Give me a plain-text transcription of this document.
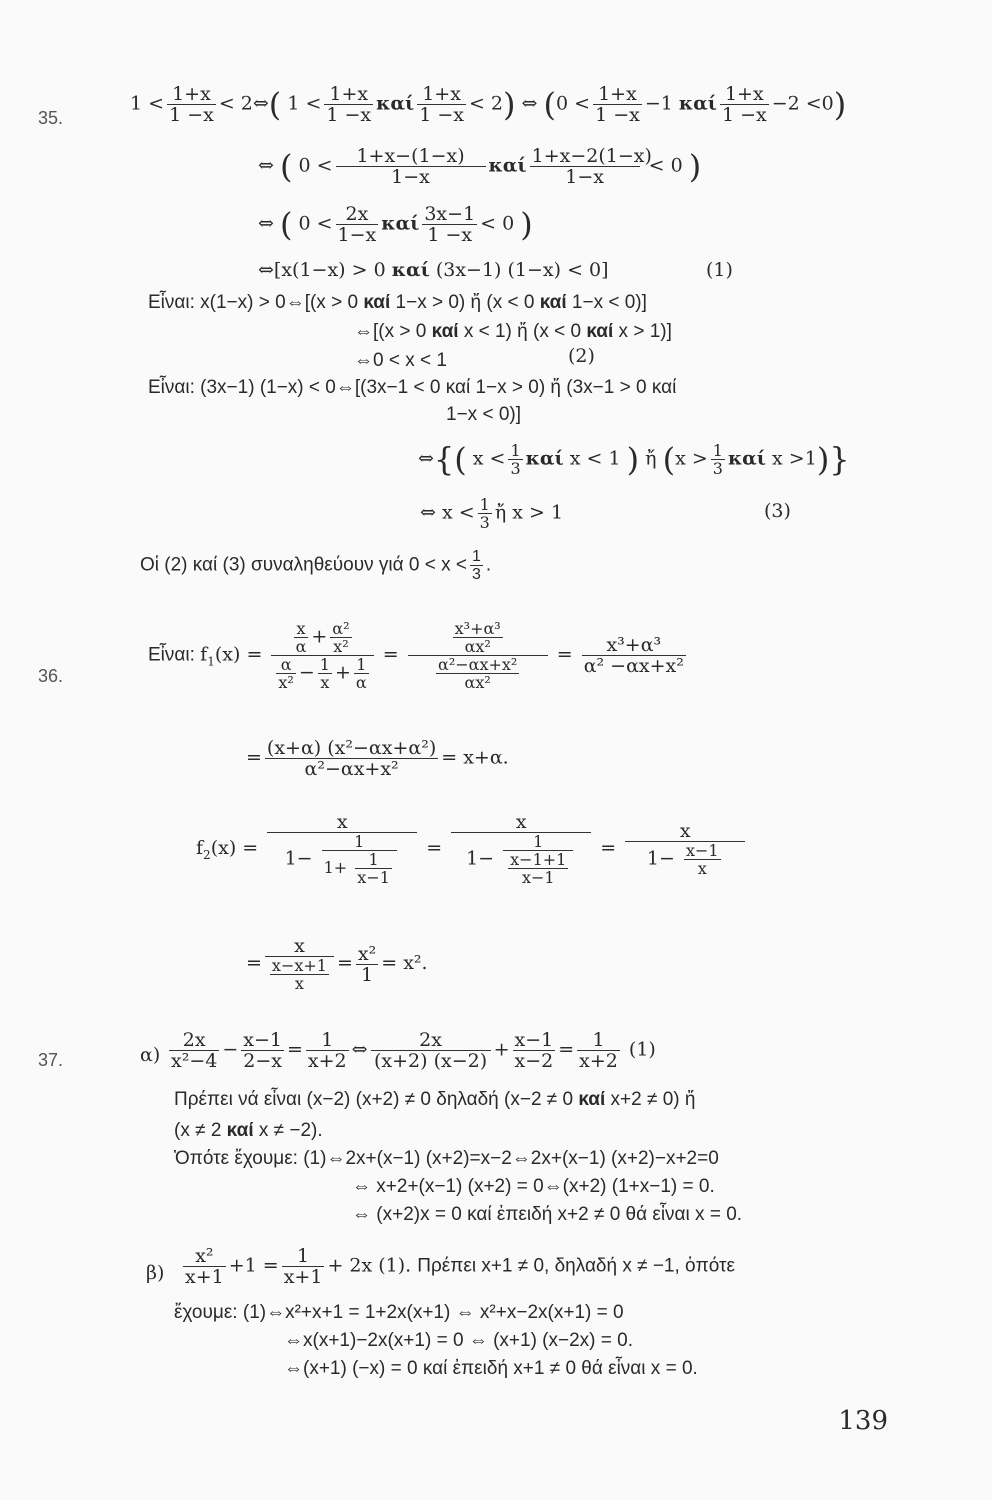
35.
$1 < \frac{1+x}{1 -x}$ < 2⇔( $1 < \frac{1+x}{1 -x}$ καί $\frac{1+x}{1 -x} < 2$) ⇔ ($0 < \frac{1+x}{1 -x} -1$ καί $\frac{1+x}{1 -x} -2 <0$)
⇔ ( $0 < \frac{1+x-(1-x)}{1-x}$ καί $\frac{1+x-2(1-x)}{1-x} < 0$ )
⇔ ( $0 < \frac{2x}{1-x}$ καί $\frac{3x-1}{1 -x} < 0$ )
⇔[x(1−x) > 0 καί (3x−1) (1−x) < 0]	(1)
Εἶναι: x(1−x) > 0⇔[(x > 0 καί 1−x > 0) ἤ (x < 0 καί 1−x < 0)]
⇔[(x > 0 καί x < 1) ἤ (x < 0 καί x > 1)]
⇔0 < x < 1	(2)
Εἶναι: (3x−1) (1−x) < 0⇔[(3x−1 < 0 καί 1−x > 0) ἤ (3x−1 > 0 καί
1−x < 0)]
⇔{( $x < \frac{1}{3}$ καί x < 1 ) ἤ ($x > \frac{1}{3}$ καί x >1)}
⇔ $x < \frac{1}{3}$ ἤ x > 1	(3)
Οἱ (2) καί (3) συναληθεύουν γιά $0 < x < \frac{1}{3}$ .
36.
Εἶναι: $f_1(x) = \frac{\frac{x}{\alpha} + \frac{\text{α²}}{\text{x²}}}{\frac{\alpha}{\text{x²}} - \frac{1}{x} + \frac{1}{\alpha}} = \frac{\frac{\text{x³+α³}}{\text{αx²}}}{\frac{\text{α²−αx+x²}}{\text{αx²}}} = \frac{\text{x³+α³}}{\text{α² −αx+x²}}$
= $\frac{\text{(x+α) (x²−αx+α²)}}{\text{α²−αx+x²}} = x+\alpha$.
$f_2(x) = \frac{x}{1- \frac{1}{1+ \frac{1}{x-1}}} = \frac{x}{1- \frac{1}{\frac{x-1+1}{x-1}}} = \frac{x}{1- \frac{x-1}{x}}$
= $\frac{x}{\frac{x-x+1}{x}} = \frac{\text{x²}}{1} = x^2$.
37.	$\alpha) \frac{2x}{\text{x²−4}} - \frac{x-1}{2-x} = \frac{1}{x+2}$ ⇔ $\frac{2x}{(x+2) (x-2)} + \frac{x-1}{x-2} = \frac{1}{x+2} (1)$
Πρέπει νά εἶναι (x−2) (x+2) ≠ 0 δηλαδή (x−2 ≠ 0 καί x+2 ≠ 0) ἤ
(x ≠ 2 καί x ≠ −2).
Ὁπότε ἔχουμε: (1)⇔2x+(x−1) (x+2)=x−2⇔2x+(x−1) (x+2)−x+2=0
⇔ x+2+(x−1) (x+2) = 0⇔(x+2) (1+x−1) = 0.
⇔ (x+2)x = 0 καί ἐπειδή x+2 ≠ 0 θά εἶναι x = 0.
$\beta) \frac{\text{x²}}{x+1} +1 = \frac{1}{x+1} + 2x$ (1). Πρέπει x+1 ≠ 0, δηλαδή x ≠ −1, ὁπότε
ἔχουμε: (1)⇔x²+x+1 = 1+2x(x+1) ⇔ x²+x−2x(x+1) = 0
⇔x(x+1)−2x(x+1) = 0 ⇔ (x+1) (x−2x) = 0.
⇔(x+1) (−x) = 0 καί ἐπειδή x+1 ≠ 0 θά εἶναι x = 0.
139
